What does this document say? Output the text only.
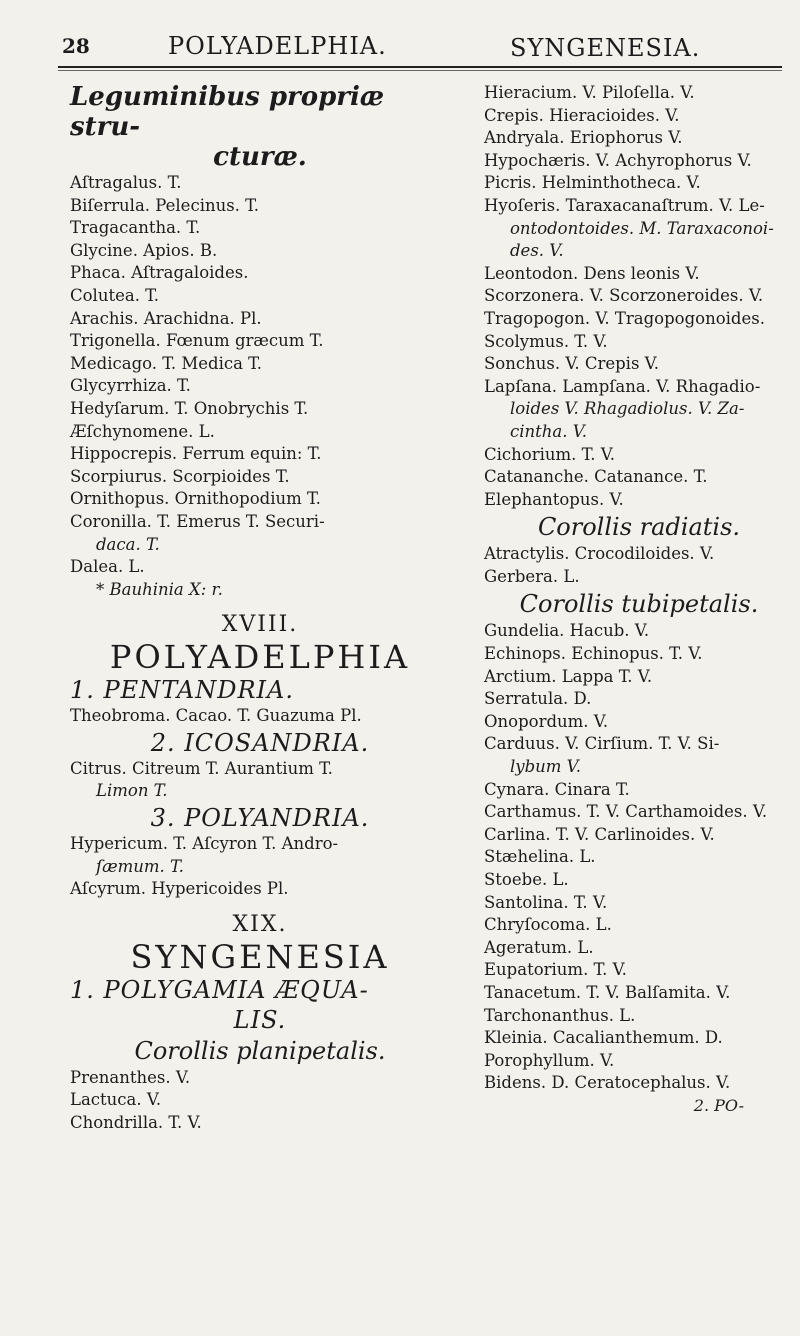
28	POLYADELPHIA.	SYNGENESIA.
Leguminibus propriæ stru-
cturæ.
Aſtragalus. T.
Biſerrula. Pelecinus. T.
Tragacantha. T.
Glycine. Apios. B.
Phaca. Aſtragaloides.
Colutea. T.
Arachis. Arachidna. Pl.
Trigonella. Fœnum græcum T.
Medicago. T. Medica T.
Glycyrrhiza. T.
Hedyſarum. T. Onobrychis T.
Æſchynomene. L.
Hippocrepis. Ferrum equin: T.
Scorpiurus. Scorpioides T.
Ornithopus. Ornithopodium T.
Coronilla. T. Emerus T. Securi-
daca. T.
Dalea. L.
* Bauhinia X: r.
XVIII.
POLYADELPHIA
1. PENTANDRIA.
Theobroma. Cacao. T. Guazuma Pl.
2. ICOSANDRIA.
Citrus. Citreum T. Aurantium T.
Limon T.
3. POLYANDRIA.
Hypericum. T. Aſcyron T. Andro-
ſæmum. T.
Aſcyrum. Hypericoides Pl.
XIX.
SYNGENESIA
1. POLYGAMIA ÆQUA-
LIS.
Corollis planipetalis.
Prenanthes. V.
Lactuca. V.
Chondrilla. T. V.
Hieracium. V. Piloſella. V.
Crepis. Hieracioides. V.
Andryala. Eriophorus V.
Hypochæris. V. Achyrophorus V.
Picris. Helminthotheca. V.
Hyoſeris. Taraxacanaſtrum. V. Le-
ontodontoides. M. Taraxaconoi-
des. V.
Leontodon. Dens leonis V.
Scorzonera. V. Scorzoneroides. V.
Tragopogon. V. Tragopogonoides.
Scolymus. T. V.
Sonchus. V. Crepis V.
Lapſana. Lampſana. V. Rhagadio-
loides V. Rhagadiolus. V. Za-
cintha. V.
Cichorium. T. V.
Catananche. Catanance. T.
Elephantopus. V.
Corollis radiatis.
Atractylis. Crocodiloides. V.
Gerbera. L.
Corollis tubipetalis.
Gundelia. Hacub. V.
Echinops. Echinopus. T. V.
Arctium. Lappa T. V.
Serratula. D.
Onopordum. V.
Carduus. V. Cirſium. T. V. Si-
lybum V.
Cynara. Cinara T.
Carthamus. T. V. Carthamoides. V.
Carlina. T. V. Carlinoides. V.
Stæhelina. L.
Stoebe. L.
Santolina. T. V.
Chryſocoma. L.
Ageratum. L.
Eupatorium. T. V.
Tanacetum. T. V. Balſamita. V.
Tarchonanthus. L.
Kleinia. Cacalianthemum. D.
Porophyllum. V.
Bidens. D. Ceratocephalus. V.
2. PO-
